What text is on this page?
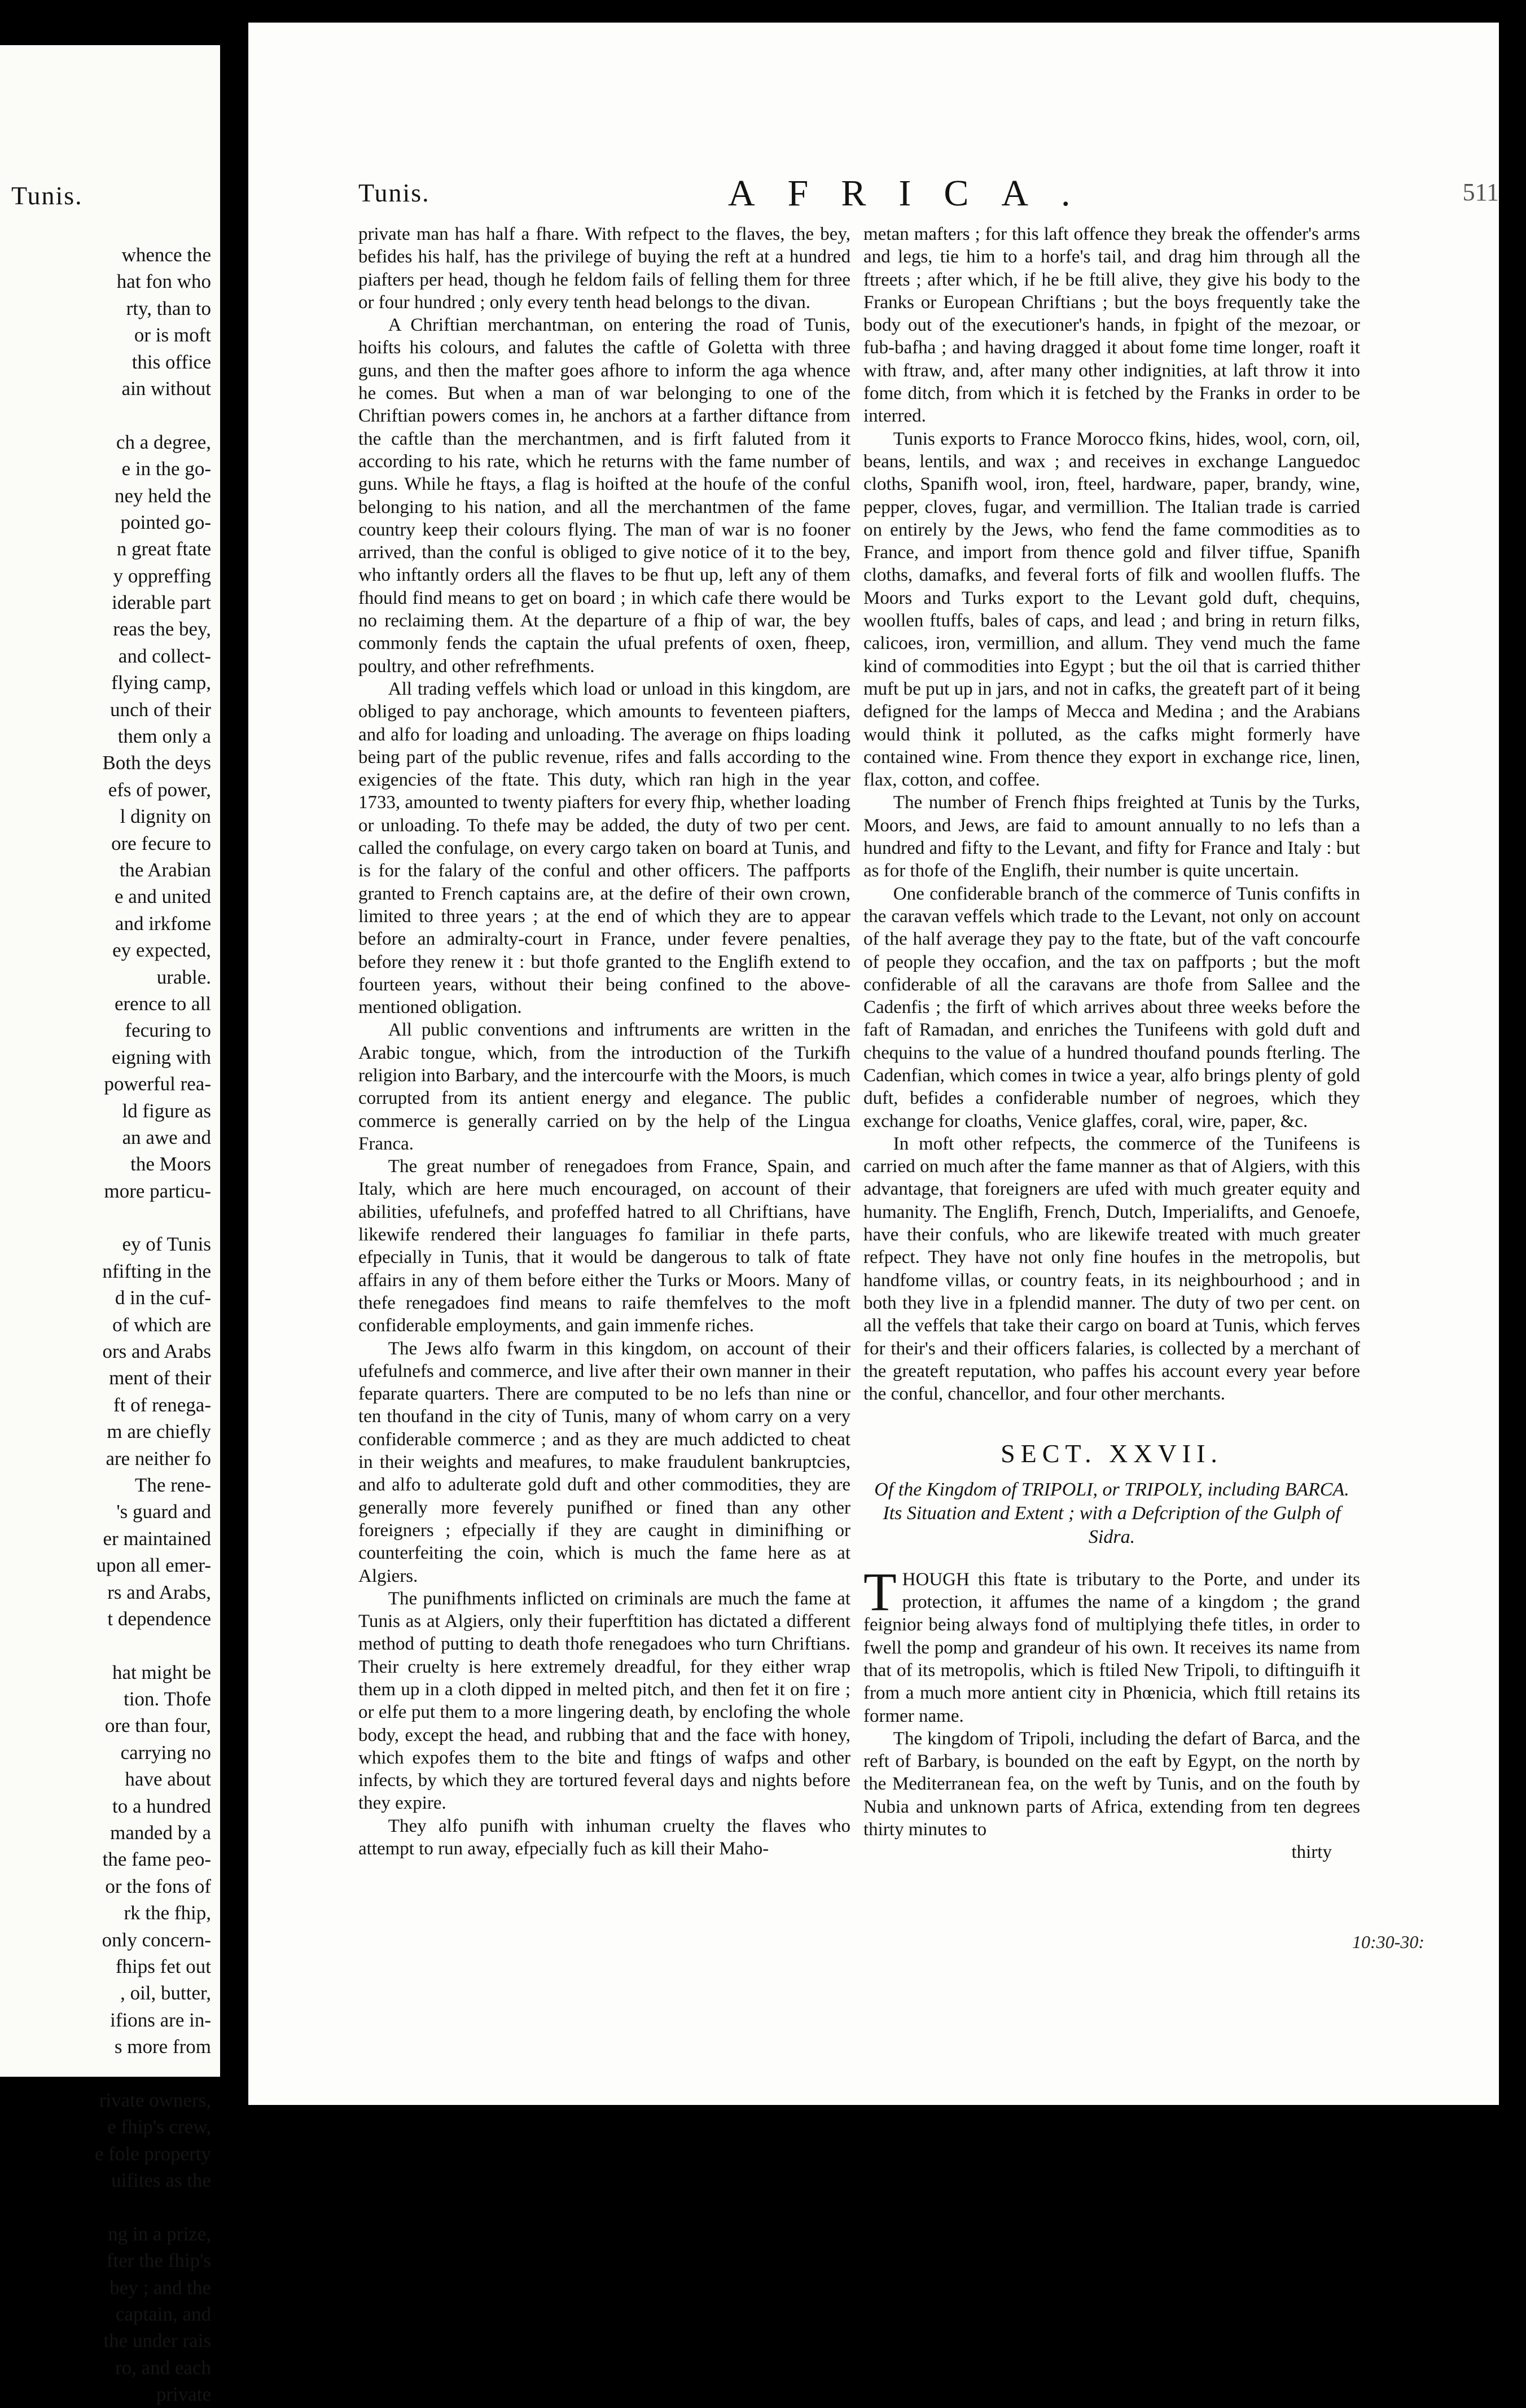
Tunis.
whence the
hat fon who
rty, than to
or is moft
this office
ain without
ch a degree,
e in the go-
ney held the
pointed go-
n great ftate
y oppreffing
iderable part
reas the bey,
and collect-
flying camp,
unch of their
them only a
Both the deys
efs of power,
l dignity on
ore fecure to
the Arabian
e and united
and irkfome
ey expected,
urable.
erence to all
fecuring to
eigning with
powerful rea-
ld figure as
an awe and
the Moors
more particu-
ey of Tunis
nfifting in the
d in the cuf-
of which are
ors and Arabs
ment of their
ft of renega-
m are chiefly
are neither fo
The rene-
's guard and
er maintained
upon all emer-
rs and Arabs,
t dependence
hat might be
tion. Thofe
ore than four,
carrying no
have about
to a hundred
manded by a
the fame peo-
or the fons of
rk the fhip,
only concern-
fhips fet out
, oil, butter,
ifions are in-
s more from
rivate owners,
e fhip's crew,
e fole property
uifites as the
ng in a prize,
fter the fhip's
bey ; and the
captain, and
the under rais
ro, and each
private
Tunis.	AFRICA.	511

private man has half a fhare. With refpect to the flaves, the bey, befides his half, has the privilege of buying the reft at a hundred piafters per head, though he feldom fails of felling them for three or four hundred ; only every tenth head belongs to the divan.

A Chriftian merchantman, on entering the road of Tunis, hoifts his colours, and falutes the caftle of Goletta with three guns, and then the mafter goes afhore to inform the aga whence he comes. But when a man of war belonging to one of the Chriftian powers comes in, he anchors at a farther diftance from the caftle than the merchantmen, and is firft faluted from it according to his rate, which he returns with the fame number of guns. While he ftays, a flag is hoifted at the houfe of the conful belonging to his nation, and all the merchantmen of the fame country keep their colours flying. The man of war is no fooner arrived, than the conful is obliged to give notice of it to the bey, who inftantly orders all the flaves to be fhut up, left any of them fhould find means to get on board ; in which cafe there would be no reclaiming them. At the departure of a fhip of war, the bey commonly fends the captain the ufual prefents of oxen, fheep, poultry, and other refrefhments.

All trading veffels which load or unload in this kingdom, are obliged to pay anchorage, which amounts to feventeen piafters, and alfo for loading and unloading. The average on fhips loading being part of the public revenue, rifes and falls according to the exigencies of the ftate. This duty, which ran high in the year 1733, amounted to twenty piafters for every fhip, whether loading or unloading. To thefe may be added, the duty of two per cent. called the confulage, on every cargo taken on board at Tunis, and is for the falary of the conful and other officers. The paffports granted to French captains are, at the defire of their own crown, limited to three years ; at the end of which they are to appear before an admiralty-court in France, under fevere penalties, before they renew it : but thofe granted to the Englifh extend to fourteen years, without their being confined to the above-mentioned obligation.

All public conventions and inftruments are written in the Arabic tongue, which, from the introduction of the Turkifh religion into Barbary, and the intercourfe with the Moors, is much corrupted from its antient energy and elegance. The public commerce is generally carried on by the help of the Lingua Franca.

The great number of renegadoes from France, Spain, and Italy, which are here much encouraged, on account of their abilities, ufefulnefs, and profeffed hatred to all Chriftians, have likewife rendered their languages fo familiar in thefe parts, efpecially in Tunis, that it would be dangerous to talk of ftate affairs in any of them before either the Turks or Moors. Many of thefe renegadoes find means to raife themfelves to the moft confiderable employments, and gain immenfe riches.

The Jews alfo fwarm in this kingdom, on account of their ufefulnefs and commerce, and live after their own manner in their feparate quarters. There are computed to be no lefs than nine or ten thoufand in the city of Tunis, many of whom carry on a very confiderable commerce ; and as they are much addicted to cheat in their weights and meafures, to make fraudulent bankruptcies, and alfo to adulterate gold duft and other commodities, they are generally more feverely punifhed or fined than any other foreigners ; efpecially if they are caught in diminifhing or counterfeiting the coin, which is much the fame here as at Algiers.

The punifhments inflicted on criminals are much the fame at Tunis as at Algiers, only their fuperftition has dictated a different method of putting to death thofe renegadoes who turn Chriftians. Their cruelty is here extremely dreadful, for they either wrap them up in a cloth dipped in melted pitch, and then fet it on fire ; or elfe put them to a more lingering death, by enclofing the whole body, except the head, and rubbing that and the face with honey, which expofes them to the bite and ftings of wafps and other infects, by which they are tortured feveral days and nights before they expire.

They alfo punifh with inhuman cruelty the flaves who attempt to run away, efpecially fuch as kill their Maho-

metan mafters ; for this laft offence they break the offender's arms and legs, tie him to a horfe's tail, and drag him through all the ftreets ; after which, if he be ftill alive, they give his body to the Franks or European Chriftians ; but the boys frequently take the body out of the executioner's hands, in fpight of the mezoar, or fub-bafha ; and having dragged it about fome time longer, roaft it with ftraw, and, after many other indignities, at laft throw it into fome ditch, from which it is fetched by the Franks in order to be interred.

Tunis exports to France Morocco fkins, hides, wool, corn, oil, beans, lentils, and wax ; and receives in exchange Languedoc cloths, Spanifh wool, iron, fteel, hardware, paper, brandy, wine, pepper, cloves, fugar, and vermillion. The Italian trade is carried on entirely by the Jews, who fend the fame commodities as to France, and import from thence gold and filver tiffue, Spanifh cloths, damafks, and feveral forts of filk and woollen fluffs. The Moors and Turks export to the Levant gold duft, chequins, woollen ftuffs, bales of caps, and lead ; and bring in return filks, calicoes, iron, vermillion, and allum. They vend much the fame kind of commodities into Egypt ; but the oil that is carried thither muft be put up in jars, and not in cafks, the greateft part of it being defigned for the lamps of Mecca and Medina ; and the Arabians would think it polluted, as the cafks might formerly have contained wine. From thence they export in exchange rice, linen, flax, cotton, and coffee.

The number of French fhips freighted at Tunis by the Turks, Moors, and Jews, are faid to amount annually to no lefs than a hundred and fifty to the Levant, and fifty for France and Italy : but as for thofe of the Englifh, their number is quite uncertain.

One confiderable branch of the commerce of Tunis confifts in the caravan veffels which trade to the Levant, not only on account of the half average they pay to the ftate, but of the vaft concourfe of people they occafion, and the tax on paffports ; but the moft confiderable of all the caravans are thofe from Sallee and the Cadenfis ; the firft of which arrives about three weeks before the faft of Ramadan, and enriches the Tunifeens with gold duft and chequins to the value of a hundred thoufand pounds fterling. The Cadenfian, which comes in twice a year, alfo brings plenty of gold duft, befides a confiderable number of negroes, which they exchange for cloaths, Venice glaffes, coral, wire, paper, &c.

In moft other refpects, the commerce of the Tunifeens is carried on much after the fame manner as that of Algiers, with this advantage, that foreigners are ufed with much greater equity and humanity. The Englifh, French, Dutch, Imperialifts, and Genoefe, have their confuls, who are likewife treated with much greater refpect. They have not only fine houfes in the metropolis, but handfome villas, or country feats, in its neighbourhood ; and in both they live in a fplendid manner. The duty of two per cent. on all the veffels that take their cargo on board at Tunis, which ferves for their's and their officers falaries, is collected by a merchant of the greateft reputation, who paffes his account every year before the conful, chancellor, and four other merchants.

SECT. XXVII.
Of the Kingdom of TRIPOLI, or TRIPOLY, including BARCA.
Its Situation and Extent ; with a Defcription of the Gulph of Sidra.

THOUGH this ftate is tributary to the Porte, and under its protection, it affumes the name of a kingdom ; the grand feignior being always fond of multiplying thefe titles, in order to fwell the pomp and grandeur of his own. It receives its name from that of its metropolis, which is ftiled New Tripoli, to diftinguifh it from a much more antient city in Phœnicia, which ftill retains its former name.

The kingdom of Tripoli, including the defart of Barca, and the reft of Barbary, is bounded on the eaft by Egypt, on the north by the Mediterranean fea, on the weft by Tunis, and on the fouth by Nubia and unknown parts of Africa, extending from ten degrees thirty minutes to

thirty
10:30-30:
